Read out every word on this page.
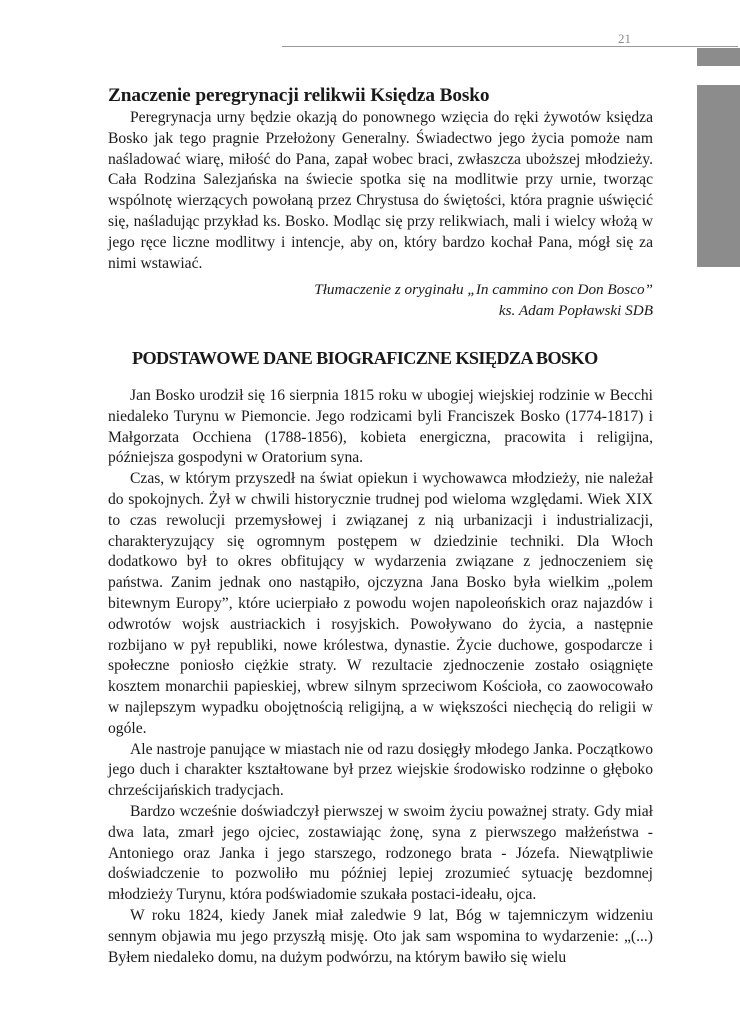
21
Znaczenie peregrynacji relikwii Księdza Bosko

Peregrynacja urny będzie okazją do ponownego wzięcia do ręki żywotów księdza Bosko jak tego pragnie Przełożony Generalny. Świadectwo jego życia pomoże nam naśladować wiarę, miłość do Pana, zapał wobec braci, zwłaszcza uboższej młodzieży. Cała Rodzina Salezjańska na świecie spotka się na modlitwie przy urnie, tworząc wspólnotę wierzących powołaną przez Chrystusa do świętości, która pragnie uświęcić się, naśladując przykład ks. Bosko. Modląc się przy relikwiach, mali i wielcy włożą w jego ręce liczne modlitwy i intencje, aby on, który bardzo kochał Pana, mógł się za nimi wstawiać.

Tłumaczenie z oryginału „In cammino con Don Bosco”
ks. Adam Popławski SDB
PODSTAWOWE DANE BIOGRAFICZNE KSIĘDZA BOSKO

Jan Bosko urodził się 16 sierpnia 1815 roku w ubogiej wiejskiej rodzinie w Becchi niedaleko Turynu w Piemoncie. Jego rodzicami byli Franciszek Bosko (1774-1817) i Małgorzata Occhiena (1788-1856), kobieta energiczna, pracowita i religijna, późniejsza gospodyni w Oratorium syna.

Czas, w którym przyszedł na świat opiekun i wychowawca młodzieży, nie należał do spokojnych. Żył w chwili historycznie trudnej pod wieloma względami. Wiek XIX to czas rewolucji przemysłowej i związanej z nią urbanizacji i industrializacji, charakteryzujący się ogromnym postępem w dziedzinie techniki. Dla Włoch dodatkowo był to okres obfitujący w wydarzenia związane z jednoczeniem się państwa. Zanim jednak ono nastąpiło, ojczyzna Jana Bosko była wielkim „polem bitewnym Europy”, które ucierpiało z powodu wojen napoleońskich oraz najazdów i odwrotów wojsk austriackich i rosyjskich. Powoływano do życia, a następnie rozbijano w pył republiki, nowe królestwa, dynastie. Życie duchowe, gospodarcze i społeczne poniosło ciężkie straty. W rezultacie zjednoczenie zostało osiągnięte kosztem monarchii papieskiej, wbrew silnym sprzeciwom Kościoła, co zaowocowało w najlepszym wypadku obojętnością religijną, a w większości niechęcią do religii w ogóle.

Ale nastroje panujące w miastach nie od razu dosięgły młodego Janka. Początkowo jego duch i charakter kształtowane był przez wiejskie środowisko rodzinne o głęboko chrześcijańskich tradycjach.

Bardzo wcześnie doświadczył pierwszej w swoim życiu poważnej straty. Gdy miał dwa lata, zmarł jego ojciec, zostawiając żonę, syna z pierwszego małżeństwa - Antoniego oraz Janka i jego starszego, rodzonego brata - Józefa. Niewątpliwie doświadczenie to pozwoliło mu później lepiej zrozumieć sytuację bezdomnej młodzieży Turynu, która podświadomie szukała postaci-ideału, ojca.

W roku 1824, kiedy Janek miał zaledwie 9 lat, Bóg w tajemniczym widzeniu sennym objawia mu jego przyszłą misję. Oto jak sam wspomina to wydarzenie: „(...) Byłem niedaleko domu, na dużym podwórzu, na którym bawiło się wielu
